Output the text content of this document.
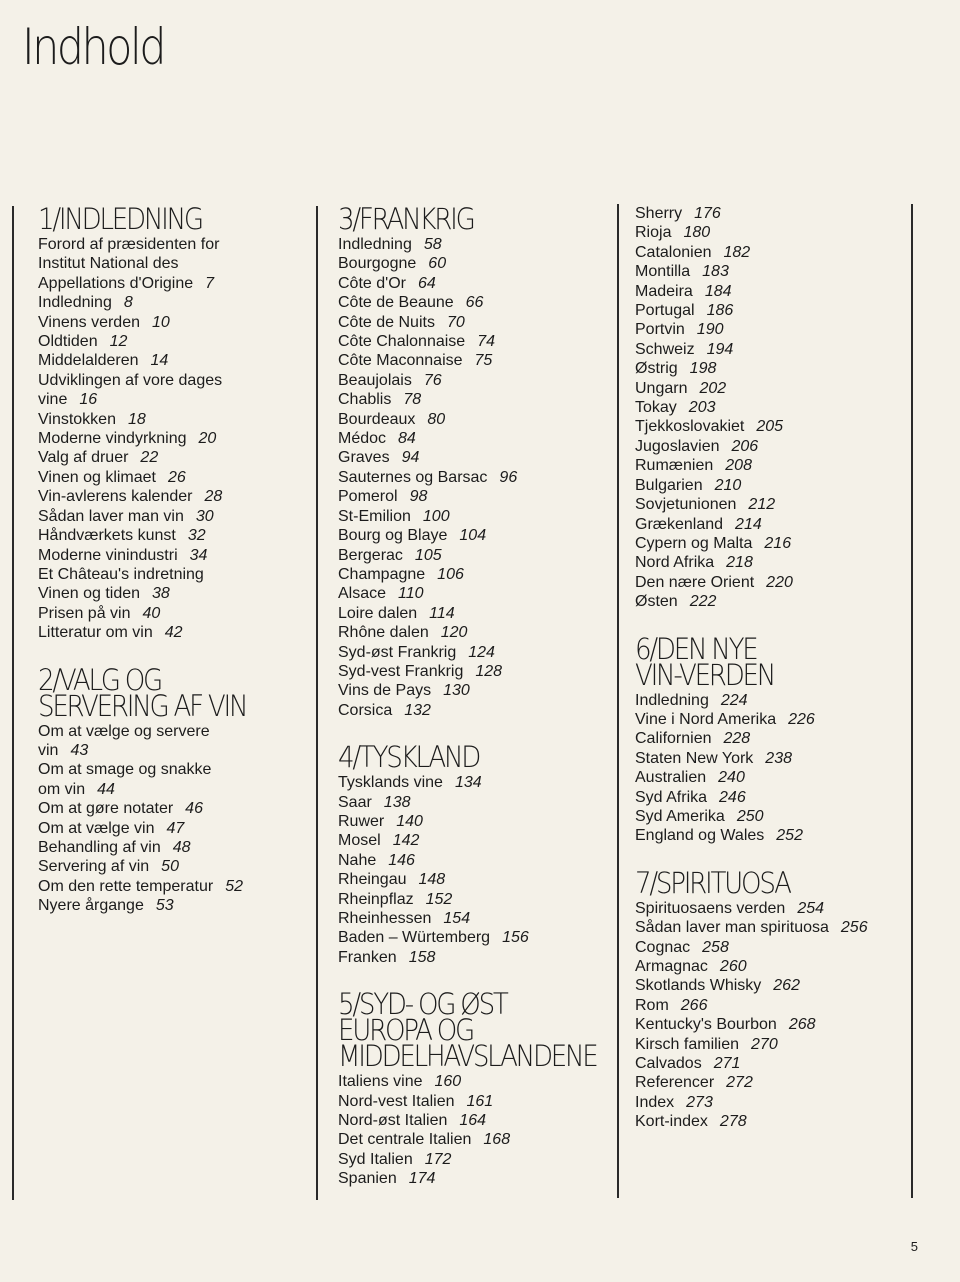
Indhold
1/INDLEDNING
Forord af præsidenten for
Institut National des
Appellations d'Origine 7
Indledning 8
Vinens verden 10
Oldtiden 12
Middelalderen 14
Udviklingen af vore dages
vine 16
Vinstokken 18
Moderne vindyrkning 20
Valg af druer 22
Vinen og klimaet 26
Vin-avlerens kalender 28
Sådan laver man vin 30
Håndværkets kunst 32
Moderne vinindustri 34
Et Château's indretning
Vinen og tiden 38
Prisen på vin 40
Litteratur om vin 42
2/VALG OG
SERVERING AF VIN
Om at vælge og servere
vin 43
Om at smage og snakke
om vin 44
Om at gøre notater 46
Om at vælge vin 47
Behandling af vin 48
Servering af vin 50
Om den rette temperatur 52
Nyere årgange 53
3/FRANKRIG
Indledning 58
Bourgogne 60
Côte d'Or 64
Côte de Beaune 66
Côte de Nuits 70
Côte Chalonnaise 74
Côte Maconnaise 75
Beaujolais 76
Chablis 78
Bourdeaux 80
Médoc 84
Graves 94
Sauternes og Barsac 96
Pomerol 98
St-Emilion 100
Bourg og Blaye 104
Bergerac 105
Champagne 106
Alsace 110
Loire dalen 114
Rhône dalen 120
Syd-øst Frankrig 124
Syd-vest Frankrig 128
Vins de Pays 130
Corsica 132
4/TYSKLAND
Tysklands vine 134
Saar 138
Ruwer 140
Mosel 142
Nahe 146
Rheingau 148
Rheinpflaz 152
Rheinhessen 154
Baden – Würtemberg 156
Franken 158
5/SYD- OG ØST
EUROPA OG
MIDDELHAVSLANDENE
Italiens vine 160
Nord-vest Italien 161
Nord-øst Italien 164
Det centrale Italien 168
Syd Italien 172
Spanien 174
Sherry 176
Rioja 180
Catalonien 182
Montilla 183
Madeira 184
Portugal 186
Portvin 190
Schweiz 194
Østrig 198
Ungarn 202
Tokay 203
Tjekkoslovakiet 205
Jugoslavien 206
Rumænien 208
Bulgarien 210
Sovjetunionen 212
Grækenland 214
Cypern og Malta 216
Nord Afrika 218
Den nære Orient 220
Østen 222
6/DEN NYE
VIN-VERDEN
Indledning 224
Vine i Nord Amerika 226
Californien 228
Staten New York 238
Australien 240
Syd Afrika 246
Syd Amerika 250
England og Wales 252
7/SPIRITUOSA
Spirituosaens verden 254
Sådan laver man spirituosa 256
Cognac 258
Armagnac 260
Skotlands Whisky 262
Rom 266
Kentucky's Bourbon 268
Kirsch familien 270
Calvados 271
Referencer 272
Index 273
Kort-index 278
5
